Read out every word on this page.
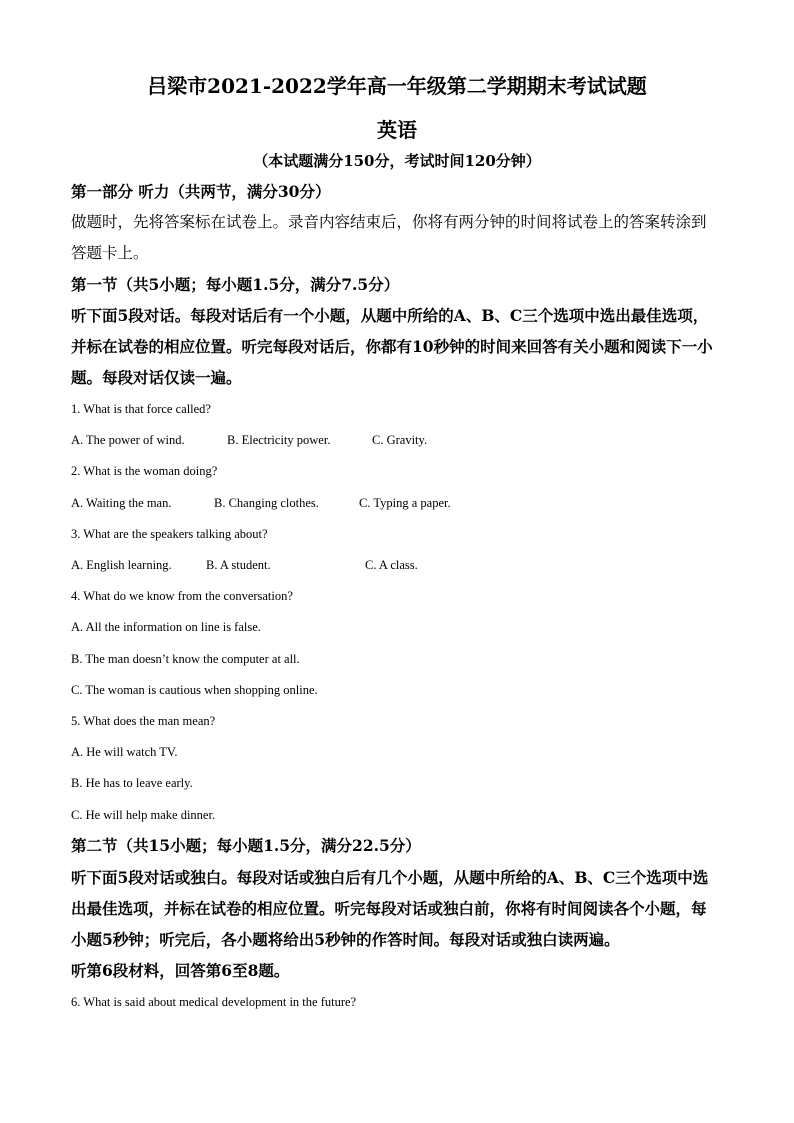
吕梁市2021-2022学年高一年级第二学期期末考试试题
英语
（本试题满分150分，考试时间120分钟）
第一部分 听力（共两节，满分30分）
做题时，先将答案标在试卷上。录音内容结束后，你将有两分钟的时间将试卷上的答案转涂到答题卡上。
第一节（共5小题；每小题1.5分，满分7.5分）
听下面5段对话。每段对话后有一个小题，从题中所给的A、B、C三个选项中选出最佳选项，并标在试卷的相应位置。听完每段对话后，你都有10秒钟的时间来回答有关小题和阅读下一小题。每段对话仅读一遍。
1. What is that force called?
A. The power of wind.	B. Electricity power.	C. Gravity.
2. What is the woman doing?
A. Waiting the man.	B. Changing clothes.	C. Typing a paper.
3. What are the speakers talking about?
A. English learning.	B. A student.	C. A class.
4. What do we know from the conversation?
A. All the information on line is false.
B. The man doesn’t know the computer at all.
C. The woman is cautious when shopping online.
5. What does the man mean?
A. He will watch TV.
B. He has to leave early.
C. He will help make dinner.
第二节（共15小题；每小题1.5分，满分22.5分）
听下面5段对话或独白。每段对话或独白后有几个小题，从题中所给的A、B、C三个选项中选出最佳选项，并标在试卷的相应位置。听完每段对话或独白前，你将有时间阅读各个小题，每小题5秒钟；听完后，各小题将给出5秒钟的作答时间。每段对话或独白读两遍。
听第6段材料，回答第6至8题。
6. What is said about medical development in the future?
